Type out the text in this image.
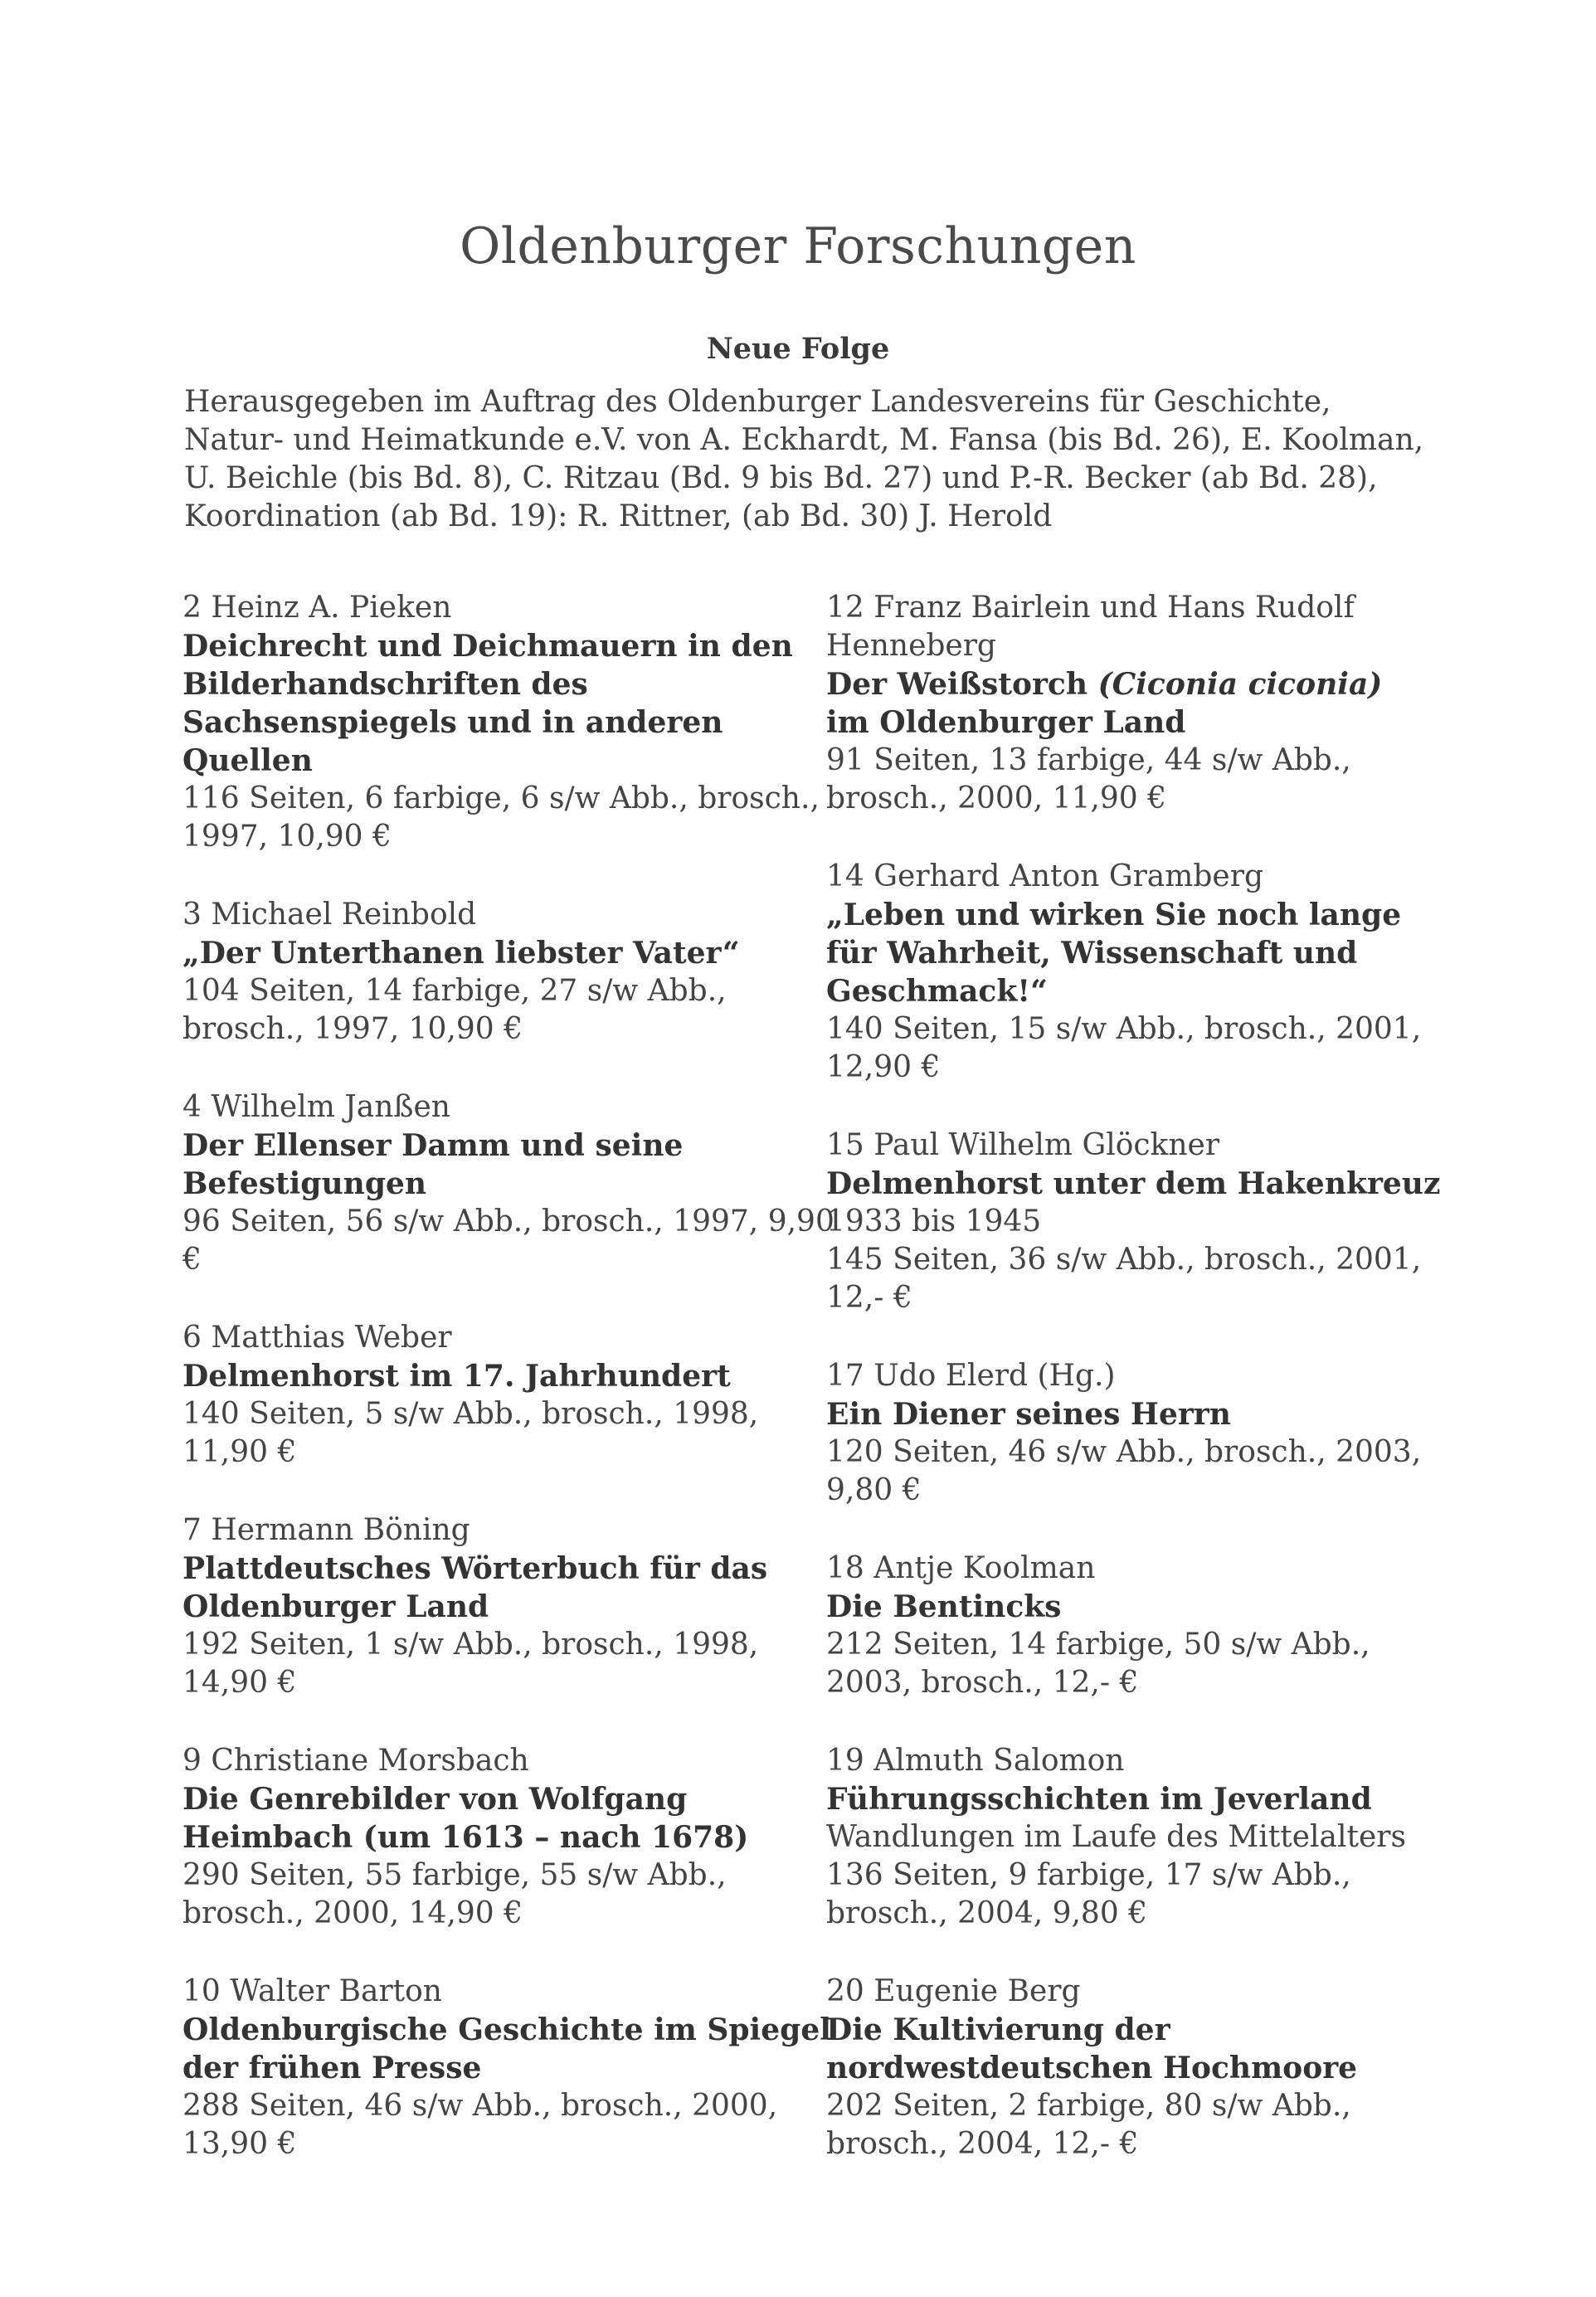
Oldenburger Forschungen
Neue Folge

Herausgegeben im Auftrag des Oldenburger Landesvereins für Geschichte, Natur- und Heimatkunde e.V. von A. Eckhardt, M. Fansa (bis Bd. 26), E. Koolman, U. Beichle (bis Bd. 8), C. Ritzau (Bd. 9 bis Bd. 27) und P.-R. Becker (ab Bd. 28), Koordination (ab Bd. 19): R. Rittner, (ab Bd. 30) J. Herold

2 Heinz A. Pieken
Deichrecht und Deichmauern in den Bilderhandschriften des Sachsenspiegels und in anderen Quellen
116 Seiten, 6 farbige, 6 s/w Abb., brosch., 1997, 10,90 €
3 Michael Reinbold
„Der Unterthanen liebster Vater“
104 Seiten, 14 farbige, 27 s/w Abb., brosch., 1997, 10,90 €
4 Wilhelm Janßen
Der Ellenser Damm und seine Befestigungen
96 Seiten, 56 s/w Abb., brosch., 1997, 9,90 €
6 Matthias Weber
Delmenhorst im 17. Jahrhundert
140 Seiten, 5 s/w Abb., brosch., 1998, 11,90 €
7 Hermann Böning
Plattdeutsches Wörterbuch für das Oldenburger Land
192 Seiten, 1 s/w Abb., brosch., 1998, 14,90 €
9 Christiane Morsbach
Die Genrebilder von Wolfgang Heimbach (um 1613 – nach 1678)
290 Seiten, 55 farbige, 55 s/w Abb., brosch., 2000, 14,90 €
10 Walter Barton
Oldenburgische Geschichte im Spiegel der frühen Presse
288 Seiten, 46 s/w Abb., brosch., 2000, 13,90 €
12 Franz Bairlein und Hans Rudolf Henneberg
Der Weißstorch (Ciconia ciconia)
im Oldenburger Land
91 Seiten, 13 farbige, 44 s/w Abb., brosch., 2000, 11,90 €
14 Gerhard Anton Gramberg
„Leben und wirken Sie noch lange für Wahrheit, Wissenschaft und Geschmack!“
140 Seiten, 15 s/w Abb., brosch., 2001, 12,90 €
15 Paul Wilhelm Glöckner
Delmenhorst unter dem Hakenkreuz
1933 bis 1945
145 Seiten, 36 s/w Abb., brosch., 2001, 12,- €
17 Udo Elerd (Hg.)
Ein Diener seines Herrn
120 Seiten, 46 s/w Abb., brosch., 2003, 9,80 €
18 Antje Koolman
Die Bentincks
212 Seiten, 14 farbige, 50 s/w Abb., 2003, brosch., 12,- €
19 Almuth Salomon
Führungsschichten im Jeverland
Wandlungen im Laufe des Mittelalters
136 Seiten, 9 farbige, 17 s/w Abb., brosch., 2004, 9,80 €
20 Eugenie Berg
Die Kultivierung der nordwestdeutschen Hochmoore
202 Seiten, 2 farbige, 80 s/w Abb., brosch., 2004, 12,- €
